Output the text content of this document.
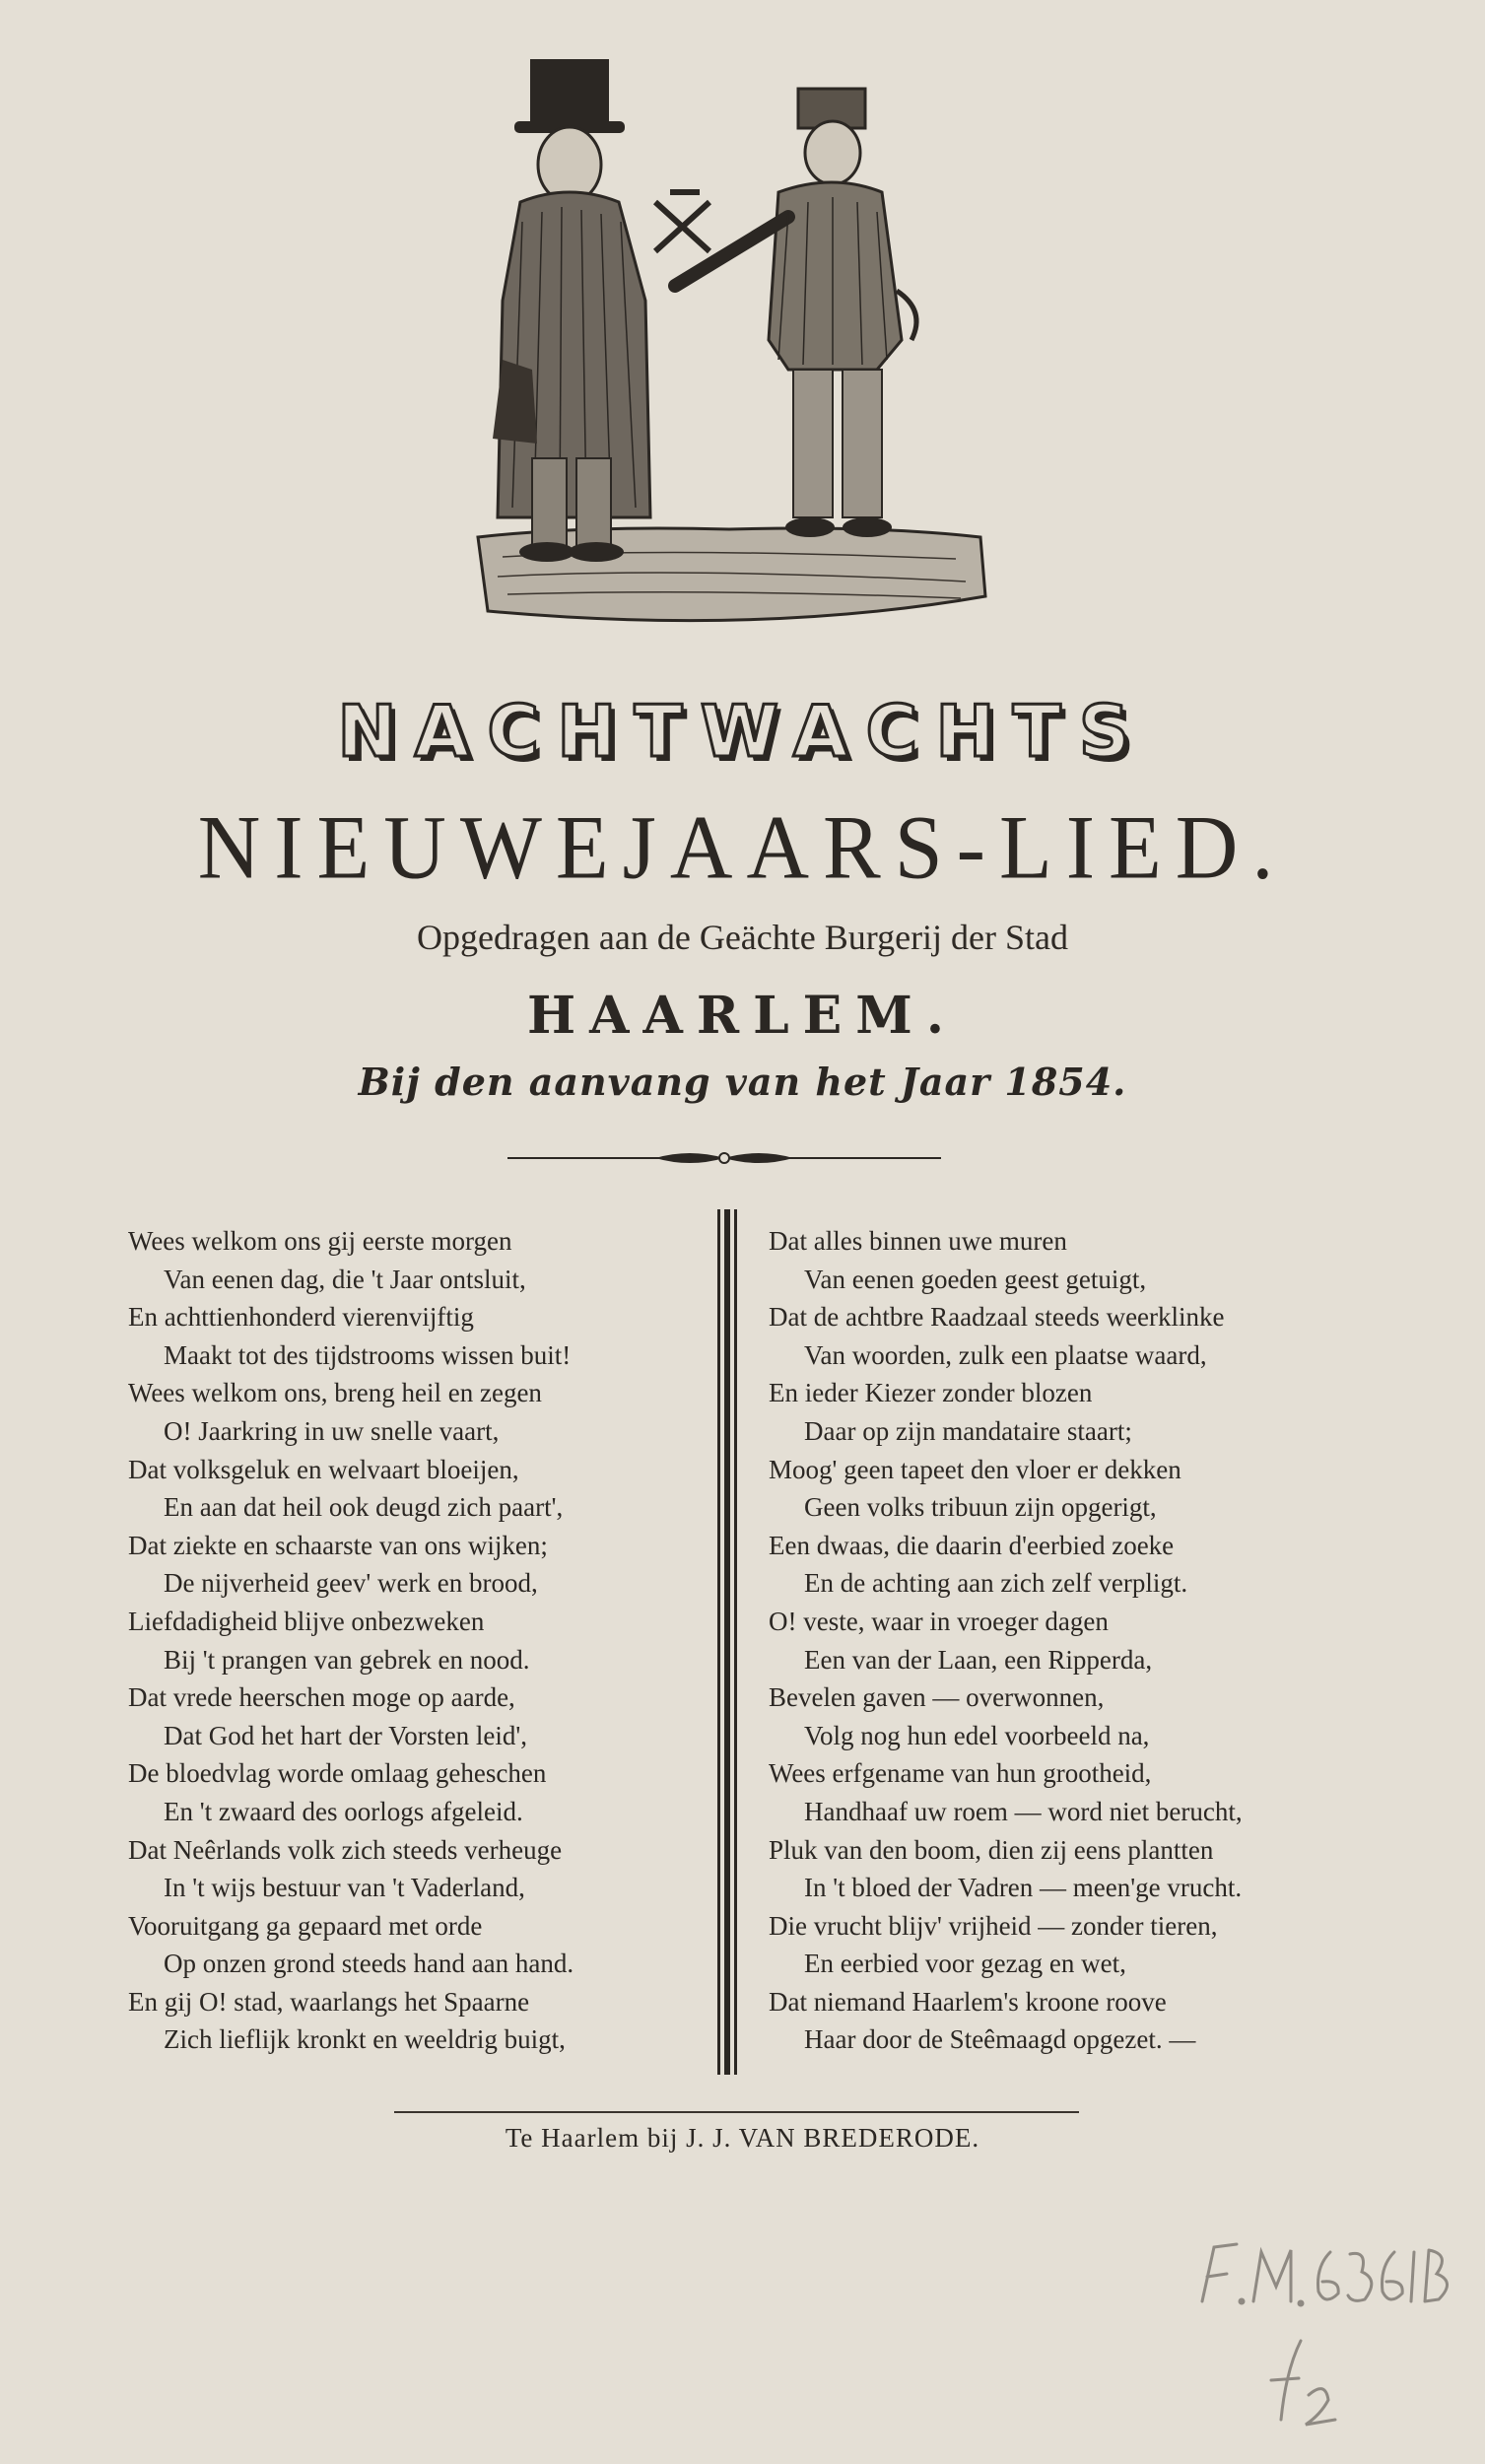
NACHTWACHTS
NIEUWEJAARS-LIED.
Opgedragen aan de Geächte Burgerij der Stad
HAARLEM.
Bij den aanvang van het Jaar 1854.
Wees welkom ons gij eerste morgen
Van eenen dag, die 't Jaar ontsluit,
En achttienhonderd vierenvijftig
Maakt tot des tijdstrooms wissen buit!
Wees welkom ons, breng heil en zegen
O! Jaarkring in uw snelle vaart,
Dat volksgeluk en welvaart bloeijen,
En aan dat heil ook deugd zich paart',
Dat ziekte en schaarste van ons wijken;
De nijverheid geev' werk en brood,
Liefdadigheid blijve onbezweken
Bij 't prangen van gebrek en nood.
Dat vrede heerschen moge op aarde,
Dat God het hart der Vorsten leid',
De bloedvlag worde omlaag geheschen
En 't zwaard des oorlogs afgeleid.
Dat Neêrlands volk zich steeds verheuge
In 't wijs bestuur van 't Vaderland,
Vooruitgang ga gepaard met orde
Op onzen grond steeds hand aan hand.
En gij O! stad, waarlangs het Spaarne
Zich lieflijk kronkt en weeldrig buigt,
Dat alles binnen uwe muren
Van eenen goeden geest getuigt,
Dat de achtbre Raadzaal steeds weerklinke
Van woorden, zulk een plaatse waard,
En ieder Kiezer zonder blozen
Daar op zijn mandataire staart;
Moog' geen tapeet den vloer er dekken
Geen volks tribuun zijn opgerigt,
Een dwaas, die daarin d'eerbied zoeke
En de achting aan zich zelf verpligt.
O! veste, waar in vroeger dagen
Een van der Laan, een Ripperda,
Bevelen gaven — overwonnen,
Volg nog hun edel voorbeeld na,
Wees erfgename van hun grootheid,
Handhaaf uw roem — word niet berucht,
Pluk van den boom, dien zij eens plantten
In 't bloed der Vadren — meen'ge vrucht.
Die vrucht blijv' vrijheid — zonder tieren,
En eerbied voor gezag en wet,
Dat niemand Haarlem's kroone roove
Haar door de Steêmaagd opgezet. —
Te Haarlem bij J. J. VAN BREDERODE.
